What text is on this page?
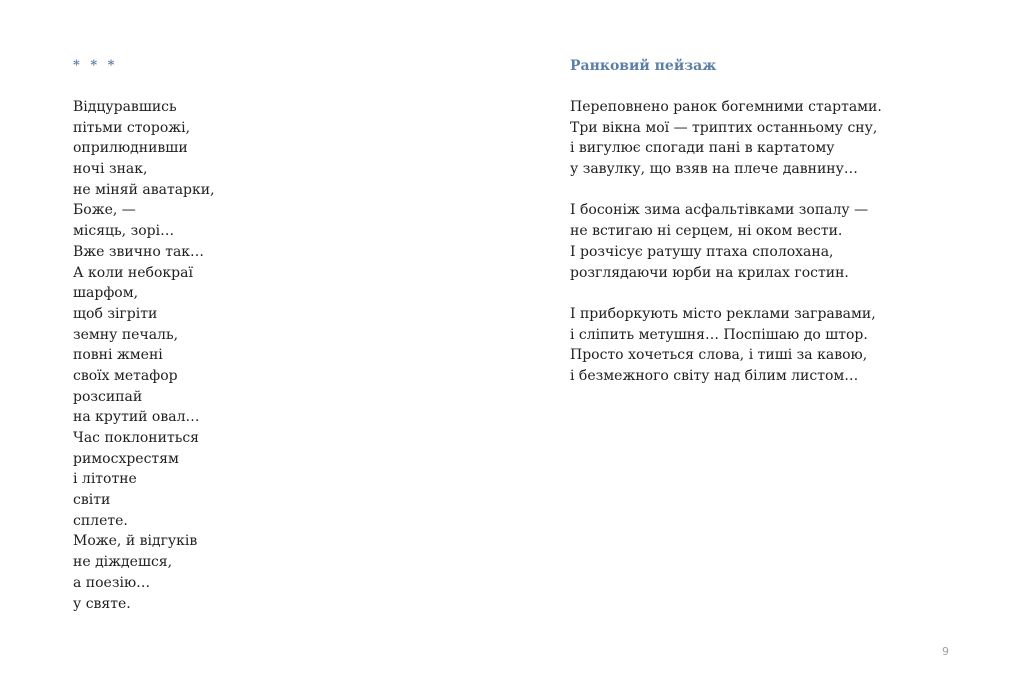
* * *
Відцуравшись
пітьми сторожі,
оприлюднивши
ночі знак,
не міняй аватарки,
Боже, —
місяць, зорі…
Вже звично так…
А коли небокраї
шарфом,
щоб зігріти
земну печаль,
повні жмені
своїх метафор
розсипай
на крутий овал…
Час поклониться
римосхрестям
і літотне
світи
сплете.
Може, й відгуків
не діждешся,
а поезію…
у святе.
Ранковий пейзаж
Переповнено ранок богемними стартами.
Три вікна мої — триптих останньому сну,
і вигулює спогади пані в картатому
у завулку, що взяв на плече давнину…
І босоніж зима асфальтівками зопалу —
не встигаю ні серцем, ні оком вести.
І розчісує ратушу птаха сполохана,
розглядаючи юрби на крилах гостин.
І приборкують місто реклами загравами,
і сліпить метушня… Поспішаю до штор.
Просто хочеться слова, і тиші за кавою,
і безмежного світу над білим листом…
9
